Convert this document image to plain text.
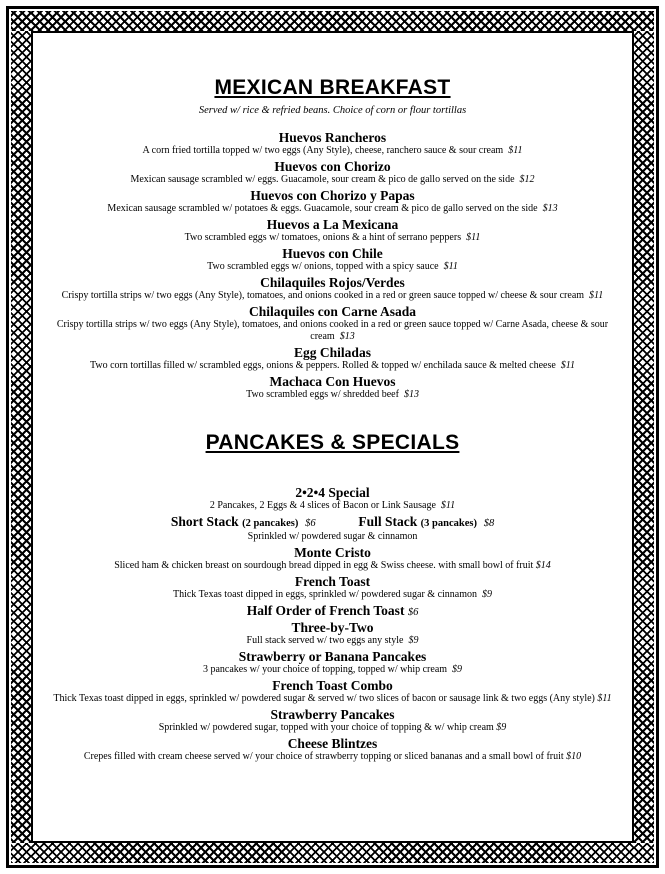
MEXICAN BREAKFAST

Served w/ rice & refried beans. Choice of corn or flour tortillas

Huevos Rancheros

A corn fried tortilla topped w/ two eggs (Any Style), cheese, ranchero sauce & sour cream $11

Huevos con Chorizo

Mexican sausage scrambled w/ eggs. Guacamole, sour cream & pico de gallo served on the side $12

Huevos con Chorizo y Papas

Mexican sausage scrambled w/ potatoes & eggs. Guacamole, sour cream & pico de gallo served on the side $13

Huevos a La Mexicana

Two scrambled eggs w/ tomatoes, onions & a hint of serrano peppers $11

Huevos con Chile

Two scrambled eggs w/ onions, topped with a spicy sauce $11

Chilaquiles Rojos/Verdes

Crispy tortilla strips w/ two eggs (Any Style), tomatoes, and onions cooked in a red or green sauce topped w/ cheese & sour cream $11

Chilaquiles con Carne Asada

Crispy tortilla strips w/ two eggs (Any Style), tomatoes, and onions cooked in a red or green sauce topped w/ Carne Asada, cheese & sour cream $13

Egg Chiladas

Two corn tortillas filled w/ scrambled eggs, onions & peppers. Rolled & topped w/ enchilada sauce & melted cheese $11

Machaca Con Huevos

Two scrambled eggs w/ shredded beef $13

PANCAKES & SPECIALS

2•2•4 Special

2 Pancakes, 2 Eggs & 4 slices of Bacon or Link Sausage $11

Short Stack (2 pancakes) $6	Full Stack (3 pancakes) $8

Sprinkled w/ powdered sugar & cinnamon

Monte Cristo

Sliced ham & chicken breast on sourdough bread dipped in egg & Swiss cheese. with small bowl of fruit $14

French Toast

Thick Texas toast dipped in eggs, sprinkled w/ powdered sugar & cinnamon $9

Half Order of French Toast $6

Three-by-Two

Full stack served w/ two eggs any style $9

Strawberry or Banana Pancakes

3 pancakes w/ your choice of topping, topped w/ whip cream $9

French Toast Combo

Thick Texas toast dipped in eggs, sprinkled w/ powdered sugar & served w/ two slices of bacon or sausage link & two eggs (Any style) $11

Strawberry Pancakes

Sprinkled w/ powdered sugar, topped with your choice of topping & w/ whip cream $9

Cheese Blintzes

Crepes filled with cream cheese served w/ your choice of strawberry topping or sliced bananas and a small bowl of fruit $10
